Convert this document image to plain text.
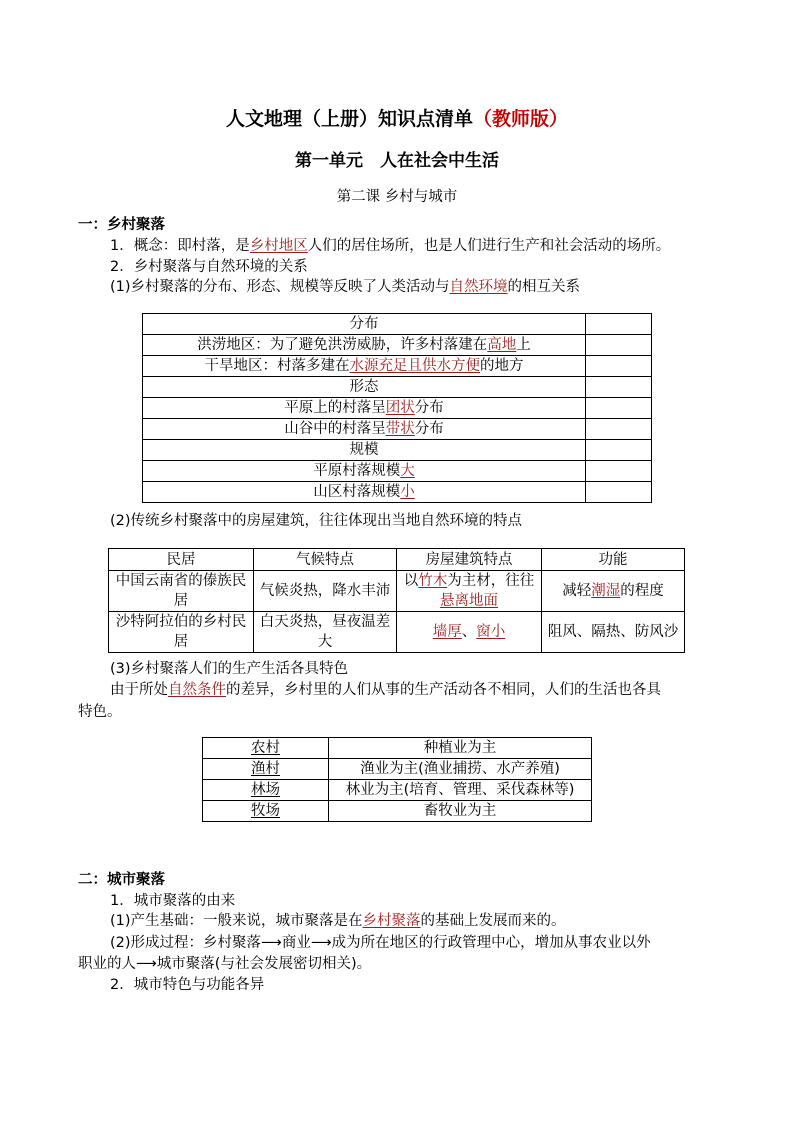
人文地理（上册）知识点清单（教师版）
第一单元　人在社会中生活
第二课 乡村与城市
一：乡村聚落
1．概念：即村落，是乡村地区人们的居住场所，也是人们进行生产和社会活动的场所。
2．乡村聚落与自然环境的关系
(1)乡村聚落的分布、形态、规模等反映了人类活动与自然环境的相互关系
分布	
洪涝地区：为了避免洪涝威胁，许多村落建在高地上	
干旱地区：村落多建在水源充足且供水方便的地方	
形态	
平原上的村落呈团状分布	
山谷中的村落呈带状分布	
规模	
平原村落规模大	
山区村落规模小	
(2)传统乡村聚落中的房屋建筑，往往体现出当地自然环境的特点
民居	气候特点	房屋建筑特点	功能
中国云南省的傣族民居	气候炎热，降水丰沛	以竹木为主材，往往悬离地面	减轻潮湿的程度
沙特阿拉伯的乡村民居	白天炎热，昼夜温差大	墙厚、窗小	阻风、隔热、防风沙
(3)乡村聚落人们的生产生活各具特色
由于所处自然条件的差异，乡村里的人们从事的生产活动各不相同，人们的生活也各具
特色。
农村	种植业为主
渔村	渔业为主(渔业捕捞、水产养殖)
林场	林业为主(培育、管理、采伐森林等)
牧场	畜牧业为主
二：城市聚落
1．城市聚落的由来
(1)产生基础：一般来说，城市聚落是在乡村聚落的基础上发展而来的。
(2)形成过程：乡村聚落⟶商业⟶成为所在地区的行政管理中心，增加从事农业以外
职业的人⟶城市聚落(与社会发展密切相关)。
2．城市特色与功能各异
